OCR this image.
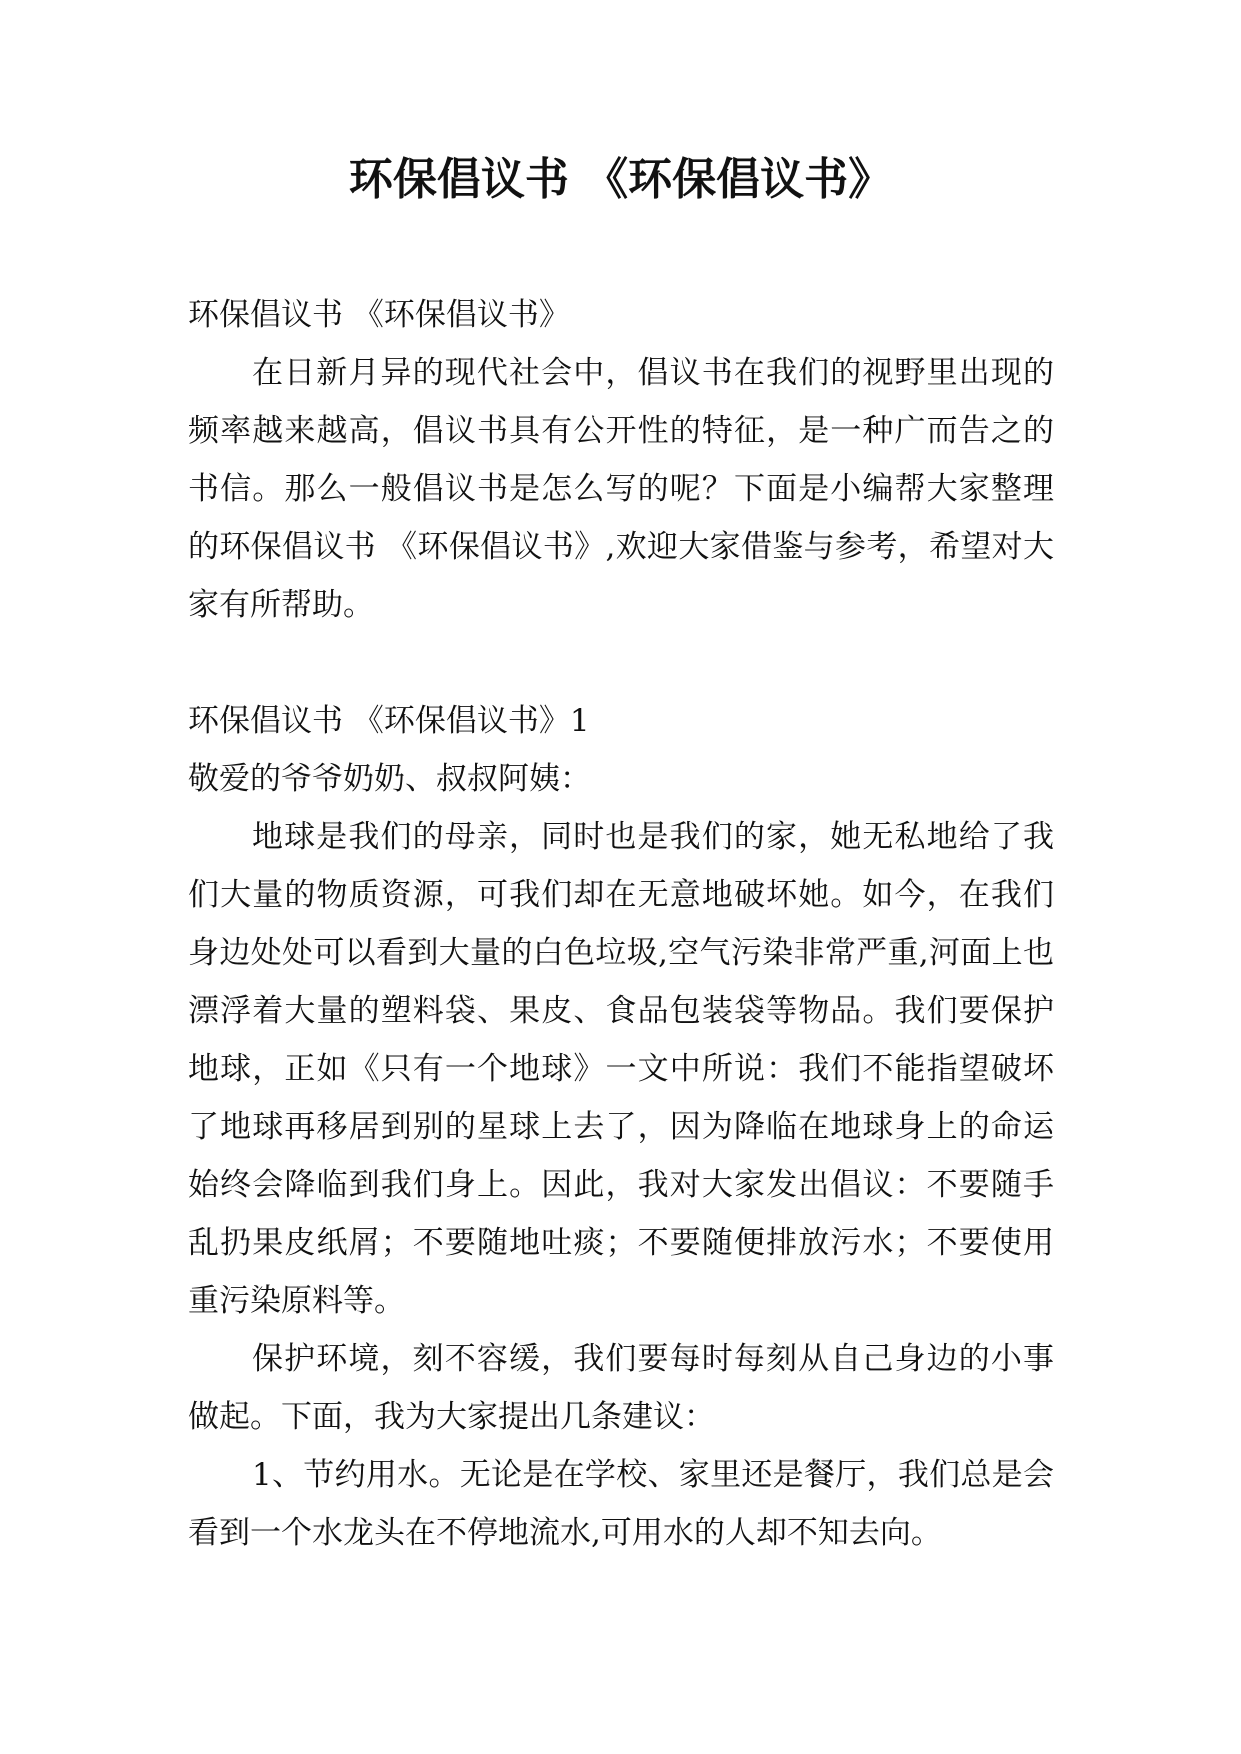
环保倡议书 《环保倡议书》

环保倡议书 《环保倡议书》

在日新月异的现代社会中，倡议书在我们的视野里出现的频率越来越高，倡议书具有公开性的特征，是一种广而告之的书信。那么一般倡议书是怎么写的呢？下面是小编帮大家整理的环保倡议书 《环保倡议书》,欢迎大家借鉴与参考，希望对大家有所帮助。

环保倡议书 《环保倡议书》1

敬爱的爷爷奶奶、叔叔阿姨：

地球是我们的母亲，同时也是我们的家，她无私地给了我们大量的物质资源，可我们却在无意地破坏她。如今，在我们身边处处可以看到大量的白色垃圾,空气污染非常严重,河面上也漂浮着大量的塑料袋、果皮、食品包装袋等物品。我们要保护地球，正如《只有一个地球》一文中所说：我们不能指望破坏了地球再移居到别的星球上去了，因为降临在地球身上的命运始终会降临到我们身上。因此，我对大家发出倡议：不要随手乱扔果皮纸屑；不要随地吐痰；不要随便排放污水；不要使用重污染原料等。

保护环境，刻不容缓，我们要每时每刻从自己身边的小事做起。下面，我为大家提出几条建议：

1、节约用水。无论是在学校、家里还是餐厅，我们总是会看到一个水龙头在不停地流水,可用水的人却不知去向。
